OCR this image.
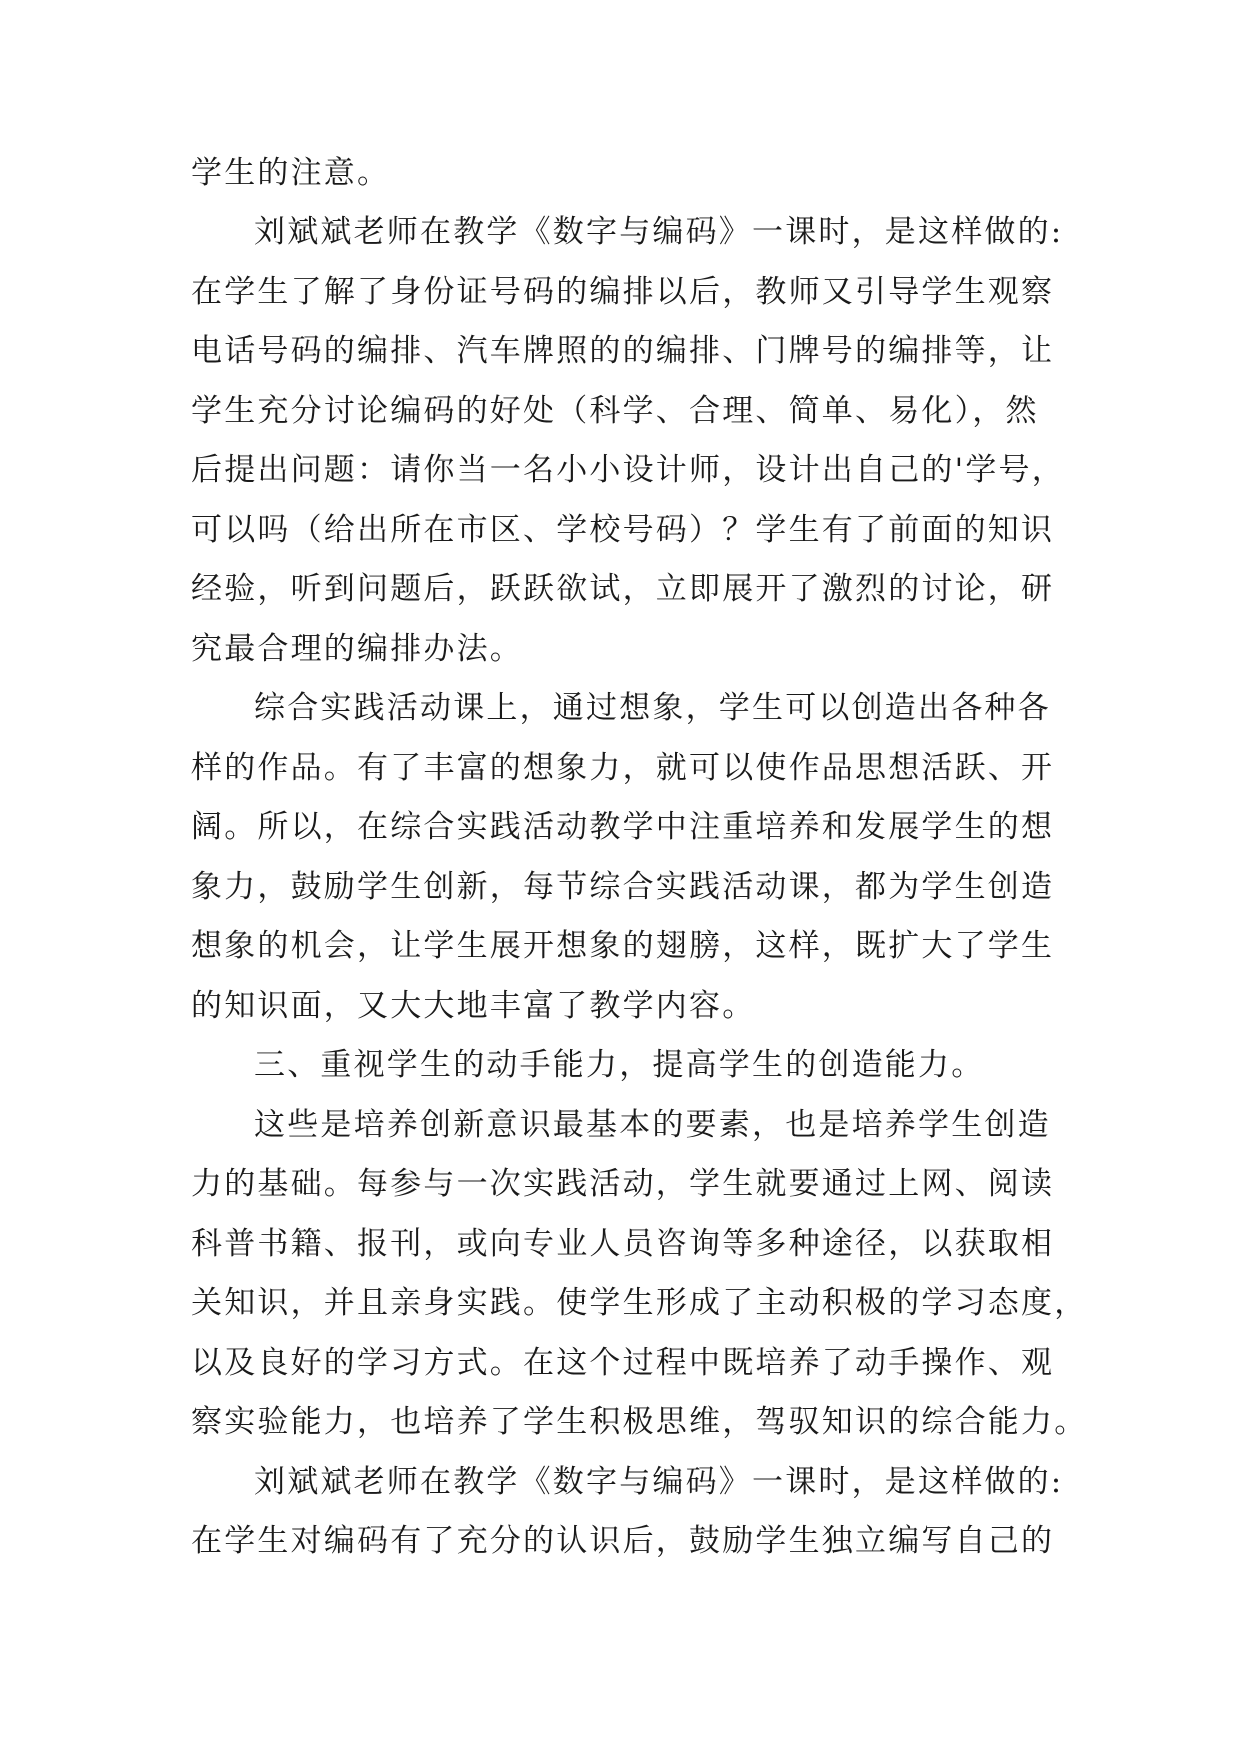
学生的注意。
刘斌斌老师在教学《数字与编码》一课时，是这样做的:
在学生了解了身份证号码的编排以后，教师又引导学生观察
电话号码的编排、汽车牌照的的编排、门牌号的编排等，让
学生充分讨论编码的好处（科学、合理、简单、易化），然
后提出问题：请你当一名小小设计师，设计出自己的'学号，
可以吗（给出所在市区、学校号码）？学生有了前面的知识
经验，听到问题后，跃跃欲试，立即展开了激烈的讨论，研
究最合理的编排办法。
综合实践活动课上，通过想象，学生可以创造出各种各
样的作品。有了丰富的想象力，就可以使作品思想活跃、开
阔。所以，在综合实践活动教学中注重培养和发展学生的想
象力，鼓励学生创新，每节综合实践活动课，都为学生创造
想象的机会，让学生展开想象的翅膀，这样，既扩大了学生
的知识面，又大大地丰富了教学内容。
三、重视学生的动手能力，提高学生的创造能力。
这些是培养创新意识最基本的要素，也是培养学生创造
力的基础。每参与一次实践活动，学生就要通过上网、阅读
科普书籍、报刊，或向专业人员咨询等多种途径，以获取相
关知识，并且亲身实践。使学生形成了主动积极的学习态度，
以及良好的学习方式。在这个过程中既培养了动手操作、观
察实验能力，也培养了学生积极思维，驾驭知识的综合能力。
刘斌斌老师在教学《数字与编码》一课时，是这样做的:
在学生对编码有了充分的认识后，鼓励学生独立编写自己的
